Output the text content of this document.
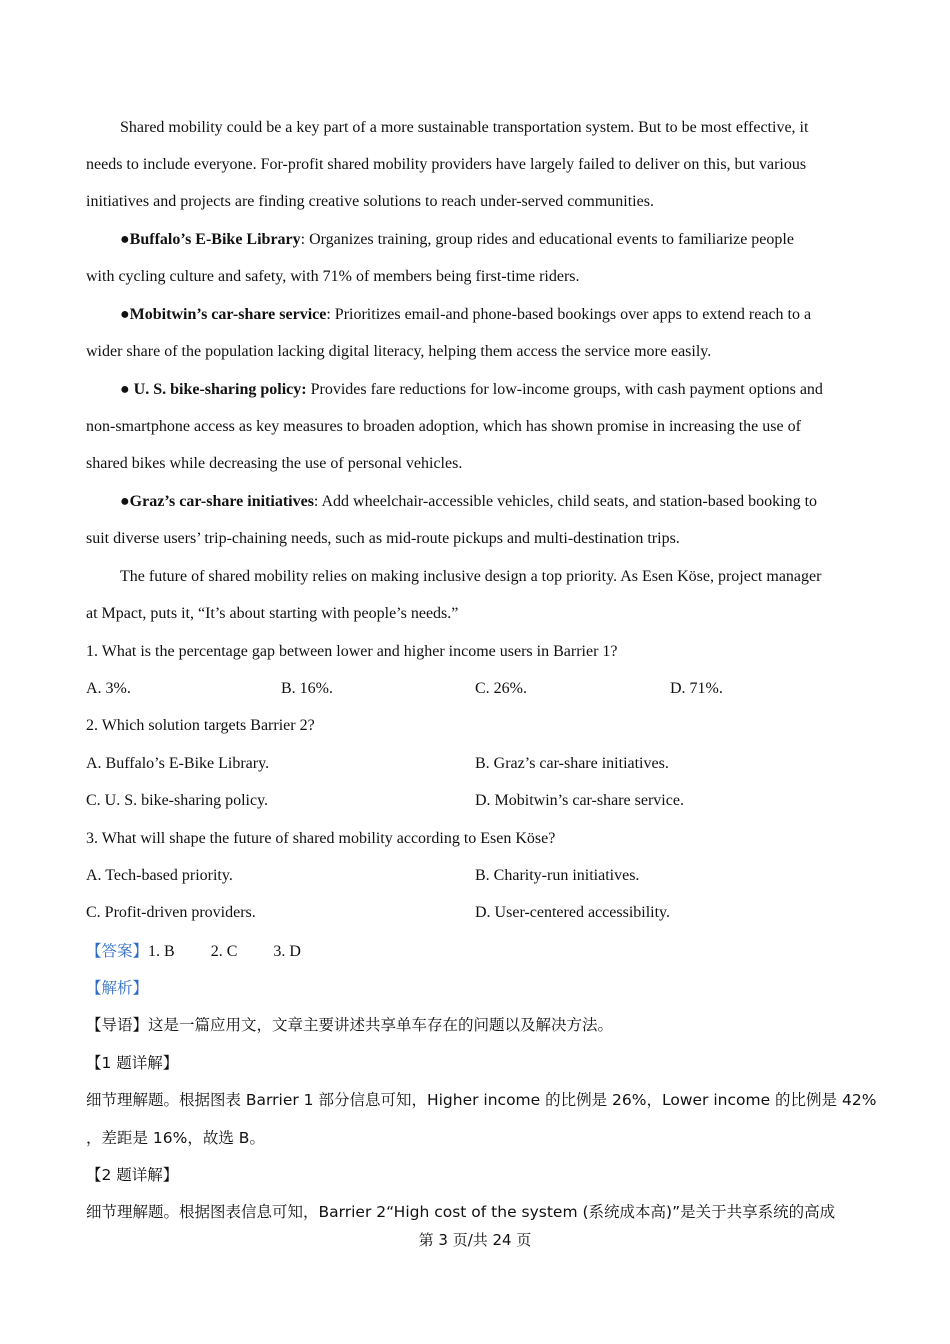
Shared mobility could be a key part of a more sustainable transportation system. But to be most effective, it
needs to include everyone. For-profit shared mobility providers have largely failed to deliver on this, but various
initiatives and projects are finding creative solutions to reach under-served communities.
●Buffalo’s E-Bike Library: Organizes training, group rides and educational events to familiarize people
with cycling culture and safety, with 71% of members being first-time riders.
●Mobitwin’s car-share service: Prioritizes email-and phone-based bookings over apps to extend reach to a
wider share of the population lacking digital literacy, helping them access the service more easily.
● U. S. bike-sharing policy: Provides fare reductions for low-income groups, with cash payment options and
non-smartphone access as key measures to broaden adoption, which has shown promise in increasing the use of
shared bikes while decreasing the use of personal vehicles.
●Graz’s car-share initiatives: Add wheelchair-accessible vehicles, child seats, and station-based booking to
suit diverse users’ trip-chaining needs, such as mid-route pickups and multi-destination trips.
The future of shared mobility relies on making inclusive design a top priority. As Esen Köse, project manager
at Mpact, puts it, “It’s about starting with people’s needs.”
1. What is the percentage gap between lower and higher income users in Barrier 1?
A. 3%.	B. 16%.	C. 26%.	D. 71%.
2. Which solution targets Barrier 2?
A. Buffalo’s E-Bike Library.	B. Graz’s car-share initiatives.
C. U. S. bike-sharing policy.	D. Mobitwin’s car-share service.
3. What will shape the future of shared mobility according to Esen Köse?
A. Tech-based priority.	B. Charity-run initiatives.
C. Profit-driven providers.	D. User-centered accessibility.
【答案】1. B 2. C 3. D
【解析】
【导语】这是一篇应用文，文章主要讲述共享单车存在的问题以及解决方法。
【1 题详解】
细节理解题。根据图表 Barrier 1 部分信息可知，Higher income 的比例是 26%，Lower income 的比例是 42%
，差距是 16%，故选 B。
【2 题详解】
细节理解题。根据图表信息可知，Barrier 2“High cost of the system (系统成本高)”是关于共享系统的高成
第 3 页/共 24 页
